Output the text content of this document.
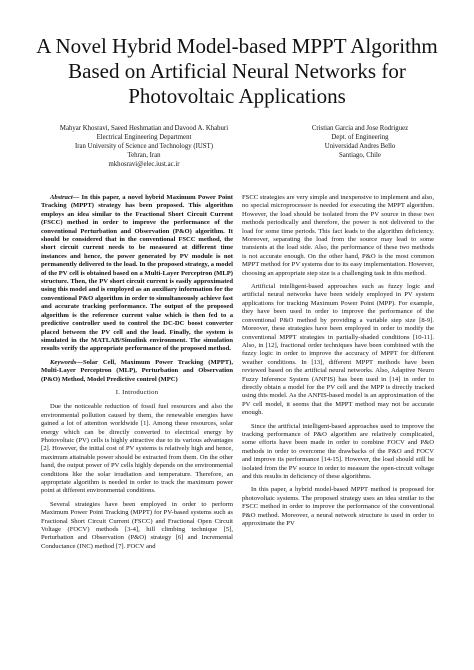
A Novel Hybrid Model-based MPPT Algorithm Based on Artificial Neural Networks for Photovoltaic Applications
Mahyar Khosravi, Saeed Heshmatian and Davood A. Khaburi
Electrical Engineering Department
Iran University of Science and Technology (IUST)
Tehran, Iran
mkhosravi@elec.iust.ac.ir
Cristian Garcia and Jose Rodriguez
Dept. of Engineering
Universidad Andres Bello
Santiago, Chile

Abstract— In this paper, a novel hybrid Maximum Power Point Tracking (MPPT) strategy has been proposed. This algorithm employs an idea similar to the Fractional Short Circuit Current (FSCC) method in order to improve the performance of the conventional Perturbation and Observation (P&O) algorithm. It should be considered that in the conventional FSCC method, the short circuit current needs to be measured at different time instances and hence, the power generated by PV module is not permanently delivered to the load. In the proposed strategy, a model of the PV cell is obtained based on a Multi-Layer Perceptron (MLP) structure. Then, the PV short circuit current is easily approximated using this model and is employed as an auxiliary information for the conventional P&O algorithm in order to simultaneously achieve fast and accurate tracking performance. The output of the proposed algorithm is the reference current value which is then fed to a predictive controller used to control the DC-DC boost converter placed between the PV cell and the load. Finally, the system is simulated in the MATLAB/Simulink environment. The simulation results verify the appropriate performance of the proposed method.

Keywords—Solar Cell, Maximum Power Tracking (MPPT), Multi-Layer Perceptron (MLP), Perturbation and Observation (P&O) Method, Model Predictive control (MPC)

I. Introduction

Due the noticeable reduction of fossil fuel resources and also the environmental pollution caused by them, the renewable energies have gained a lot of attention worldwide [1]. Among these resources, solar energy which can be directly converted to electrical energy by Photovoltaic (PV) cells is highly attractive due to its various advantages [2]. However, the initial cost of PV systems is relatively high and hence, maximum attainable power should be extracted from them. On the other hand, the output power of PV cells highly depends on the environmental conditions like the solar irradiation and temperature. Therefore, an appropriate algorithm is needed in order to track the maximum power point at different environmental conditions.

Several strategies have been employed in order to perform Maximum Power Point Tracking (MPPT) for PV-based systems such as Fractional Short Circuit Current (FSCC) and Fractional Open Circuit Voltage (FOCV) methods [3-4], hill climbing technique [5], Perturbation and Observation (P&O) strategy [6] and Incremental Conductance (INC) method [7]. FOCV and

FSCC strategies are very simple and inexpensive to implement and also, no special microprocessor is needed for executing the MPPT algorithm. However, the load should be isolated from the PV source in these two methods periodically and therefore, the power is not delivered to the load for some time periods. This fact leads to the algorithm deficiency. Moreover, separating the load from the source may lead to some transients at the load side. Also, the performance of these two methods is not accurate enough. On the other hand, P&O is the most common MPPT method for PV systems due to its easy implementation. However, choosing an appropriate step size is a challenging task in this method.

Artificial intelligent-based approaches such as fuzzy logic and artificial neural networks have been widely employed in PV system applications for tracking Maximum Power Point (MPP). For example, they have been used in order to improve the performance of the conventional P&O method by providing a variable step size [8-9]. Moreover, these strategies have been employed in order to modify the conventional MPPT strategies in partially-shaded conditions [10-11]. Also, in [12], fractional order techniques have been combined with the fuzzy logic in order to improve the accuracy of MPPT for different weather conditions. In [13], different MPPT methods have been reviewed based on the artificial neural networks. Also, Adaptive Neuro Fuzzy Inference System (ANFIS) has been used in [14] in order to directly obtain a model for the PV cell and the MPP is directly tracked using this model. As the ANFIS-based model is an approximation of the PV cell model, it seems that the MPPT method may not be accurate enough.

Since the artificial intelligent-based approaches used to improve the tracking performance of P&O algorithm are relatively complicated, some efforts have been made in order to combine FOCV and P&O methods in order to overcome the drawbacks of the P&O and FOCV and improve its performance [14-15]. However, the load should still be isolated from the PV source in order to measure the open-circuit voltage and this results in deficiency of these algorithms.

In this paper, a hybrid model-based MPPT method is proposed for photovoltaic systems. The proposed strategy uses an idea similar to the FSCC method in order to improve the performance of the conventional P&O method. Moreover, a neural network structure is used in order to approximate the PV
